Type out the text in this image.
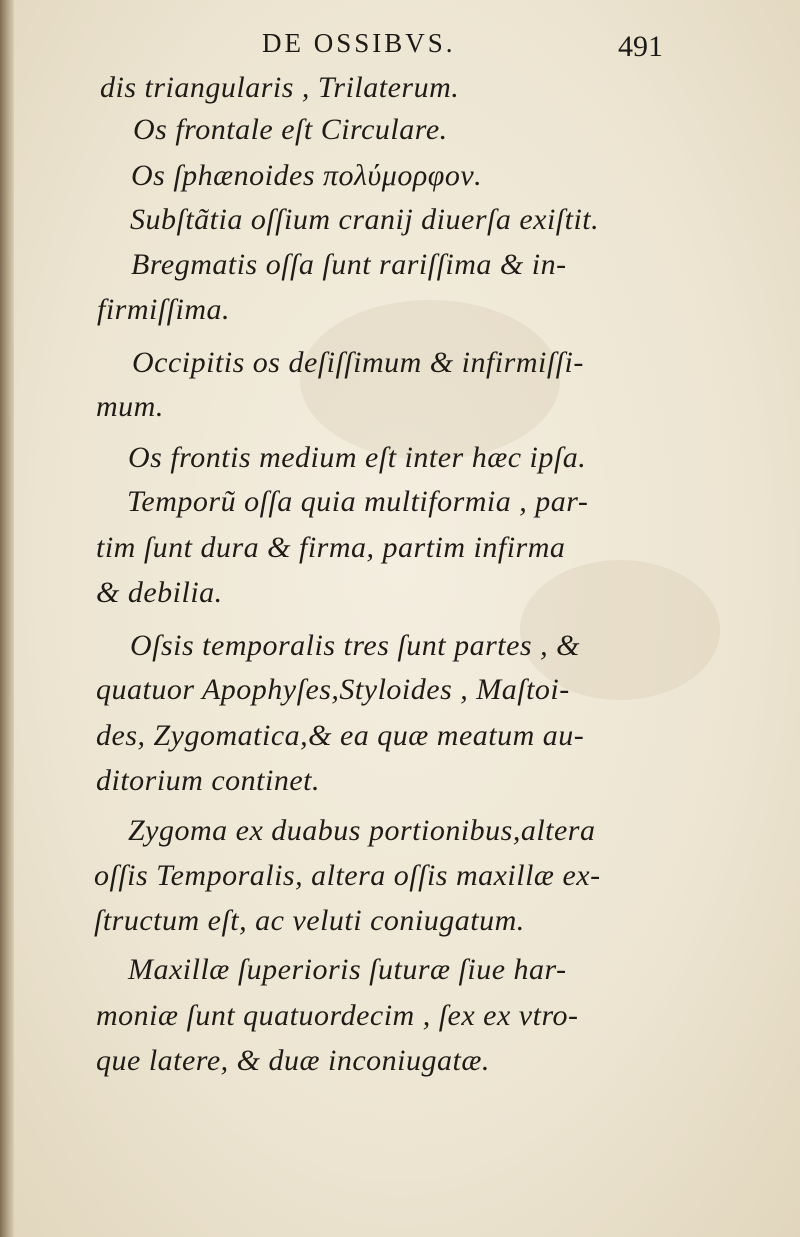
DE OSSIBVS.	491
dis triangularis , Trilaterum.
Os frontale eſt Circulare.
Os ſphænoides πολύμορφον.
Subſtãtia oſſium cranij diuerſa exiſtit.
Bregmatis oſſa ſunt rariſſima & in-
firmiſſima.
Occipitis os deſiſſimum & infirmiſſi-
mum.
Os frontis medium eſt inter hæc ipſa.
Temporũ oſſa quia multiformia , par-
tim ſunt dura & firma, partim infirma
& debilia.
Oſsis temporalis tres ſunt partes , &
quatuor Apophyſes,Styloides , Maſtoi-
des, Zygomatica,& ea quæ meatum au-
ditorium continet.
Zygoma ex duabus portionibus,altera
oſſis Temporalis, altera oſſis maxillæ ex-
ſtructum eſt, ac veluti coniugatum.
Maxillæ ſuperioris ſuturæ ſiue har-
moniæ ſunt quatuordecim , ſex ex vtro-
que latere, & duæ inconiugatæ.
